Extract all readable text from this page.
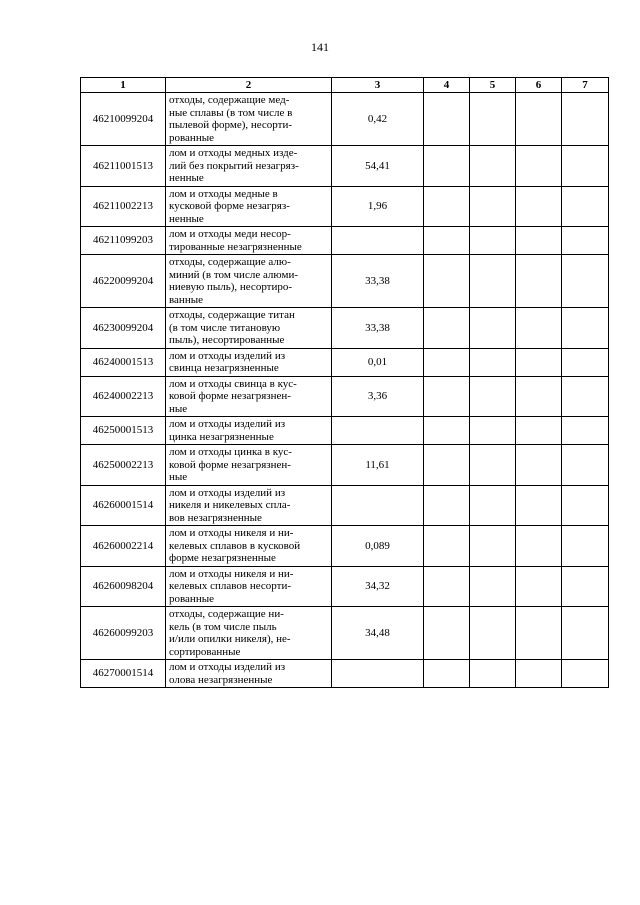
141
1	2	3	4	5	6	7
46210099204	отходы, содержащие мед-
ные сплавы (в том числе в
пылевой форме), несорти-
рованные	0,42				
46211001513	лом и отходы медных изде-
лий без покрытий незагряз-
ненные	54,41				
46211002213	лом и отходы медные в
кусковой форме незагряз-
ненные	1,96				
46211099203	лом и отходы меди несор-
тированные незагрязненные					

46220099204	отходы, содержащие алю-
миний (в том числе алюми-
ниевую пыль), несортиро-
ванные	33,38				
46230099204	отходы, содержащие титан
(в том числе титановую
пыль), несортированные	33,38				
46240001513	лом и отходы изделий из
свинца незагрязненные	0,01				
46240002213	лом и отходы свинца в кус-
ковой форме незагрязнен-
ные	3,36				
46250001513	лом и отходы изделий из
цинка незагрязненные					

46250002213	лом и отходы цинка в кус-
ковой форме незагрязнен-
ные	11,61				
46260001514	лом и отходы изделий из
никеля и никелевых спла-
вов незагрязненные					

46260002214	лом и отходы никеля и ни-
келевых сплавов в кусковой
форме незагрязненные	0,089				
46260098204	лом и отходы никеля и ни-
келевых сплавов несорти-
рованные	34,32				
46260099203	отходы, содержащие ни-
кель (в том числе пыль
и/или опилки никеля), не-
сортированные	34,48				
46270001514	лом и отходы изделий из
олова незагрязненные					
